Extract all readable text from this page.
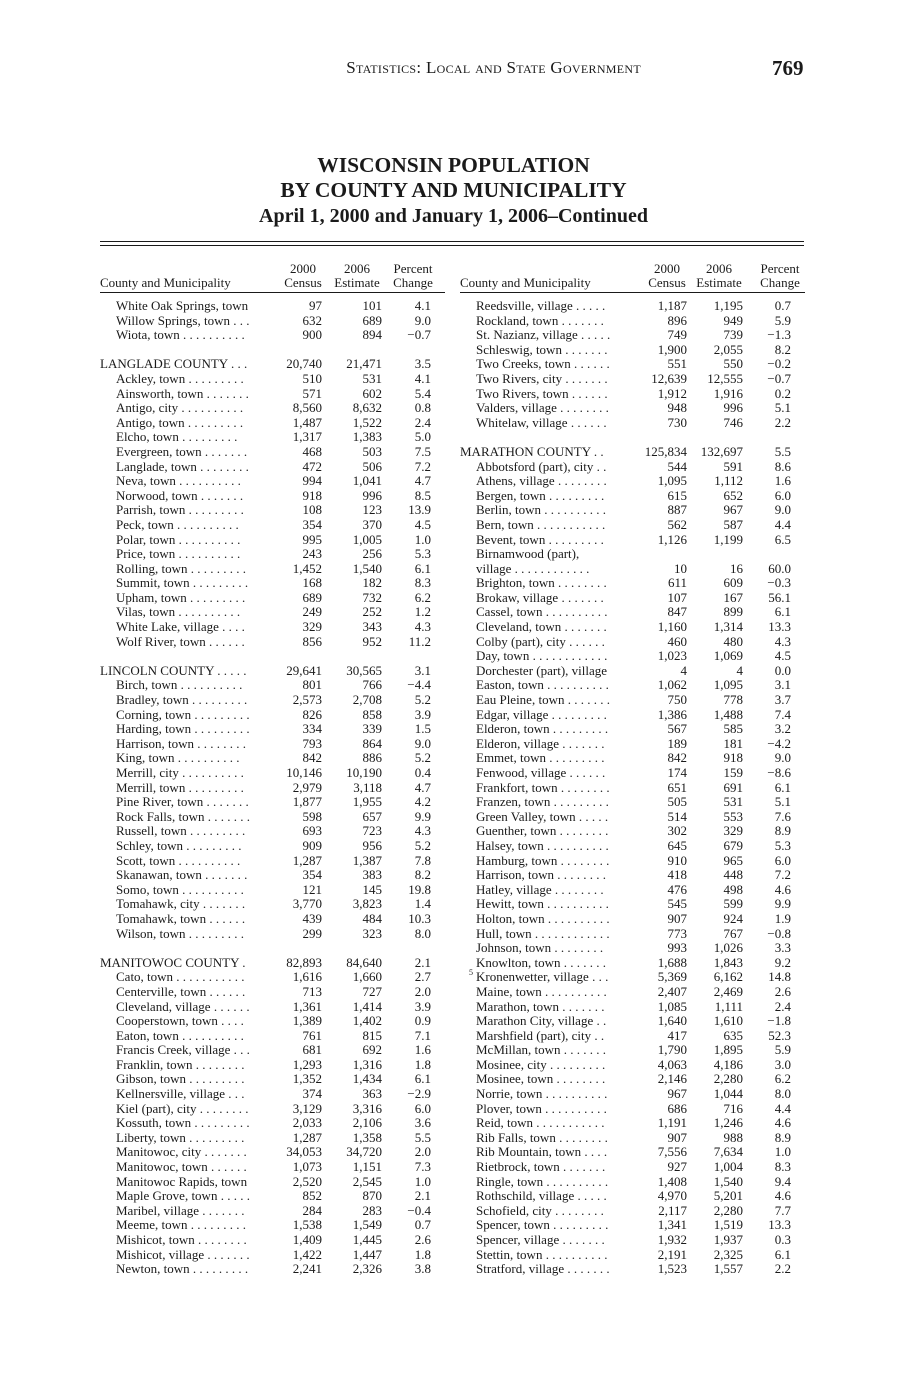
Statistics: Local and State Government	769
WISCONSIN POPULATION
BY COUNTY AND MUNICIPALITY
April 1, 2000 and January 1, 2006–Continued
County and Municipality
2000
Census
2006
Estimate
Percent
Change
White Oak Springs, town	97	101	4.1
Willow Springs, town . . .	632	689	9.0
Wiota, town . . . . . . . . . .	900	894 −0.7
LANGLADE COUNTY . . .	20,740 21,471	3.5
Ackley, town . . . . . . . . .	510	531	4.1
Ainsworth, town . . . . . . .	571	602	5.4
Antigo, city . . . . . . . . . .	8,560 8,632	0.8
Antigo, town . . . . . . . . .	1,487 1,522	2.4
Elcho, town . . . . . . . . .	1,317 1,383	5.0
Evergreen, town . . . . . . .	468	503	7.5
Langlade, town . . . . . . . .	472	506	7.2
Neva, town . . . . . . . . . .	994 1,041	4.7
Norwood, town . . . . . . .	918	996	8.5
Parrish, town . . . . . . . . .	108	123 13.9
Peck, town . . . . . . . . . .	354	370	4.5
Polar, town . . . . . . . . . .	995 1,005	1.0
Price, town . . . . . . . . . .	243	256	5.3
Rolling, town . . . . . . . . .	1,452 1,540	6.1
Summit, town . . . . . . . . .	168	182	8.3
Upham, town . . . . . . . . .	689	732	6.2
Vilas, town . . . . . . . . . .	249	252	1.2
White Lake, village . . . .	329	343	4.3
Wolf River, town . . . . . .	856	952 11.2
LINCOLN COUNTY . . . . .	29,641 30,565	3.1
Birch, town . . . . . . . . . .	801	766 −4.4
Bradley, town . . . . . . . . .	2,573 2,708	5.2
Corning, town . . . . . . . . .	826	858	3.9
Harding, town . . . . . . . . .	334	339	1.5
Harrison, town . . . . . . . .	793	864	9.0
King, town . . . . . . . . . .	842	886	5.2
Merrill, city . . . . . . . . . .	10,146 10,190	0.4
Merrill, town . . . . . . . . .	2,979 3,118	4.7
Pine River, town . . . . . . .	1,877 1,955	4.2
Rock Falls, town . . . . . . .	598	657	9.9
Russell, town . . . . . . . . .	693	723	4.3
Schley, town . . . . . . . . .	909	956	5.2
Scott, town . . . . . . . . . .	1,287 1,387	7.8
Skanawan, town . . . . . . .	354	383	8.2
Somo, town . . . . . . . . . .	121	145 19.8
Tomahawk, city . . . . . . .	3,770 3,823	1.4
Tomahawk, town . . . . . .	439	484 10.3
Wilson, town . . . . . . . . .	299	323	8.0
MANITOWOC COUNTY .	82,893 84,640	2.1
Cato, town . . . . . . . . . . .	1,616 1,660	2.7
Centerville, town . . . . . .	713	727	2.0
Cleveland, village . . . . . .	1,361 1,414	3.9
Cooperstown, town . . . .	1,389 1,402	0.9
Eaton, town . . . . . . . . . .	761	815	7.1
Francis Creek, village . . .	681	692	1.6
Franklin, town . . . . . . . .	1,293 1,316	1.8
Gibson, town . . . . . . . . .	1,352 1,434	6.1
Kellnersville, village . . .	374	363 −2.9
Kiel (part), city . . . . . . . .	3,129 3,316	6.0
Kossuth, town . . . . . . . . .	2,033 2,106	3.6
Liberty, town . . . . . . . . .	1,287 1,358	5.5
Manitowoc, city . . . . . . .	34,053 34,720	2.0
Manitowoc, town . . . . . .	1,073 1,151	7.3
Manitowoc Rapids, town	2,520 2,545	1.0
Maple Grove, town . . . . .	852	870	2.1
Maribel, village . . . . . . .	284	283 −0.4
Meeme, town . . . . . . . . .	1,538 1,549	0.7
Mishicot, town . . . . . . . .	1,409 1,445	2.6
Mishicot, village . . . . . . .	1,422 1,447	1.8
Newton, town . . . . . . . . .	2,241 2,326	3.8
County and Municipality
2000
Census
2006
Estimate
Percent
Change
Reedsville, village . . . . .	1,187 1,195 0.7
Rockland, town . . . . . . .	896	949 5.9
St. Nazianz, village . . . . .	749	739 −1.3
Schleswig, town . . . . . . .	1,900 2,055 8.2
Two Creeks, town . . . . . .	551	550 −0.2
Two Rivers, city . . . . . . .	12,639 12,555 −0.7
Two Rivers, town . . . . . .	1,912 1,916 0.2
Valders, village . . . . . . . .	948	996 5.1
Whitelaw, village . . . . . .	730	746 2.2
MARATHON COUNTY . .	125,834 132,697 5.5
Abbotsford (part), city . .	544	591 8.6
Athens, village . . . . . . . .	1,095 1,112 1.6
Bergen, town . . . . . . . . .	615	652 6.0
Berlin, town . . . . . . . . . .	887	967 9.0
Bern, town . . . . . . . . . . .	562	587 4.4
Bevent, town . . . . . . . . .	1,126 1,199 6.5
Birnamwood (part),
village . . . . . . . . . . . .	10	16 60.0
Brighton, town . . . . . . . .	611	609 −0.3
Brokaw, village . . . . . . .	107	167 56.1
Cassel, town . . . . . . . . . .	847	899 6.1
Cleveland, town . . . . . . .	1,160 1,314 13.3
Colby (part), city . . . . . .	460	480 4.3
Day, town . . . . . . . . . . . .	1,023 1,069 4.5
Dorchester (part), village	4	4 0.0
Easton, town . . . . . . . . . .	1,062 1,095 3.1
Eau Pleine, town . . . . . . .	750	778 3.7
Edgar, village . . . . . . . . .	1,386 1,488 7.4
Elderon, town . . . . . . . . .	567	585 3.2
Elderon, village . . . . . . .	189	181 −4.2
Emmet, town . . . . . . . . .	842	918 9.0
Fenwood, village . . . . . .	174	159 −8.6
Frankfort, town . . . . . . . .	651	691 6.1
Franzen, town . . . . . . . . .	505	531 5.1
Green Valley, town . . . . .	514	553 7.6
Guenther, town . . . . . . . .	302	329 8.9
Halsey, town . . . . . . . . . .	645	679 5.3
Hamburg, town . . . . . . . .	910	965 6.0
Harrison, town . . . . . . . .	418	448 7.2
Hatley, village . . . . . . . .	476	498 4.6
Hewitt, town . . . . . . . . . .	545	599 9.9
Holton, town . . . . . . . . . .	907	924 1.9
Hull, town . . . . . . . . . . . .	773	767 −0.8
Johnson, town . . . . . . . .	993 1,026 3.3
Knowlton, town . . . . . . .	1,688 1,843 9.2
5 Kronenwetter, village . . .	5,369 6,162 14.8
Maine, town . . . . . . . . . .	2,407 2,469 2.6
Marathon, town . . . . . . .	1,085 1,111 2.4
Marathon City, village . .	1,640 1,610 −1.8
Marshfield (part), city . .	417	635 52.3
McMillan, town . . . . . . .	1,790 1,895 5.9
Mosinee, city . . . . . . . . .	4,063 4,186 3.0
Mosinee, town . . . . . . . .	2,146 2,280 6.2
Norrie, town . . . . . . . . . .	967 1,044 8.0
Plover, town . . . . . . . . . .	686	716 4.4
Reid, town . . . . . . . . . . .	1,191 1,246 4.6
Rib Falls, town . . . . . . . .	907	988 8.9
Rib Mountain, town . . . .	7,556 7,634 1.0
Rietbrock, town . . . . . . .	927 1,004 8.3
Ringle, town . . . . . . . . . .	1,408 1,540 9.4
Rothschild, village . . . . .	4,970 5,201 4.6
Schofield, city . . . . . . . .	2,117 2,280 7.7
Spencer, town . . . . . . . . .	1,341 1,519 13.3
Spencer, village . . . . . . .	1,932 1,937 0.3
Stettin, town . . . . . . . . . .	2,191 2,325 6.1
Stratford, village . . . . . . .	1,523 1,557 2.2
